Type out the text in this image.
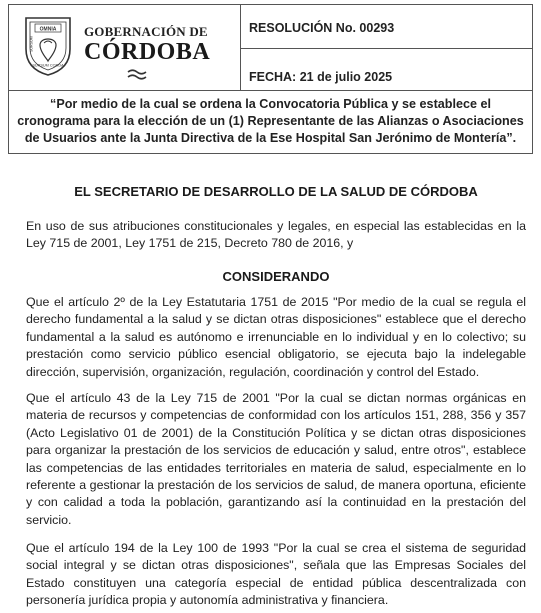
OMNIA
SURSUM
SURSUM CORDA
GOBERNACIÓN DE
CÓRDOBA
RESOLUCIÓN No. 00293
FECHA: 21 de julio 2025
“Por medio de la cual se ordena la Convocatoria Pública y se establece el cronograma para la elección de un (1) Representante de las Alianzas o Asociaciones de Usuarios ante la Junta Directiva de la Ese Hospital San Jerónimo de Montería”.
EL SECRETARIO DE DESARROLLO DE LA SALUD DE CÓRDOBA
En uso de sus atribuciones constitucionales y legales, en especial las establecidas en la Ley 715 de 2001, Ley 1751 de 215, Decreto 780 de 2016, y
CONSIDERANDO
Que el artículo 2º de la Ley Estatutaria 1751 de 2015 "Por medio de la cual se regula el derecho fundamental a la salud y se dictan otras disposiciones" establece que el derecho fundamental a la salud es autónomo e irrenunciable en lo individual y en lo colectivo; su prestación como servicio público esencial obligatorio, se ejecuta bajo la indelegable dirección, supervisión, organización, regulación, coordinación y control del Estado.
Que el artículo 43 de la Ley 715 de 2001 "Por la cual se dictan normas orgánicas en materia de recursos y competencias de conformidad con los artículos 151, 288, 356 y 357 (Acto Legislativo 01 de 2001) de la Constitución Política y se dictan otras disposiciones para organizar la prestación de los servicios de educación y salud, entre otros", establece las competencias de las entidades territoriales en materia de salud, especialmente en lo referente a gestionar la prestación de los servicios de salud, de manera oportuna, eficiente y con calidad a toda la población, garantizando así la continuidad en la prestación del servicio.
Que el artículo 194 de la Ley 100 de 1993 "Por la cual se crea el sistema de seguridad social integral y se dictan otras disposiciones", señala que las Empresas Sociales del Estado constituyen una categoría especial de entidad pública descentralizada con personería jurídica propia y autonomía administrativa y financiera.
